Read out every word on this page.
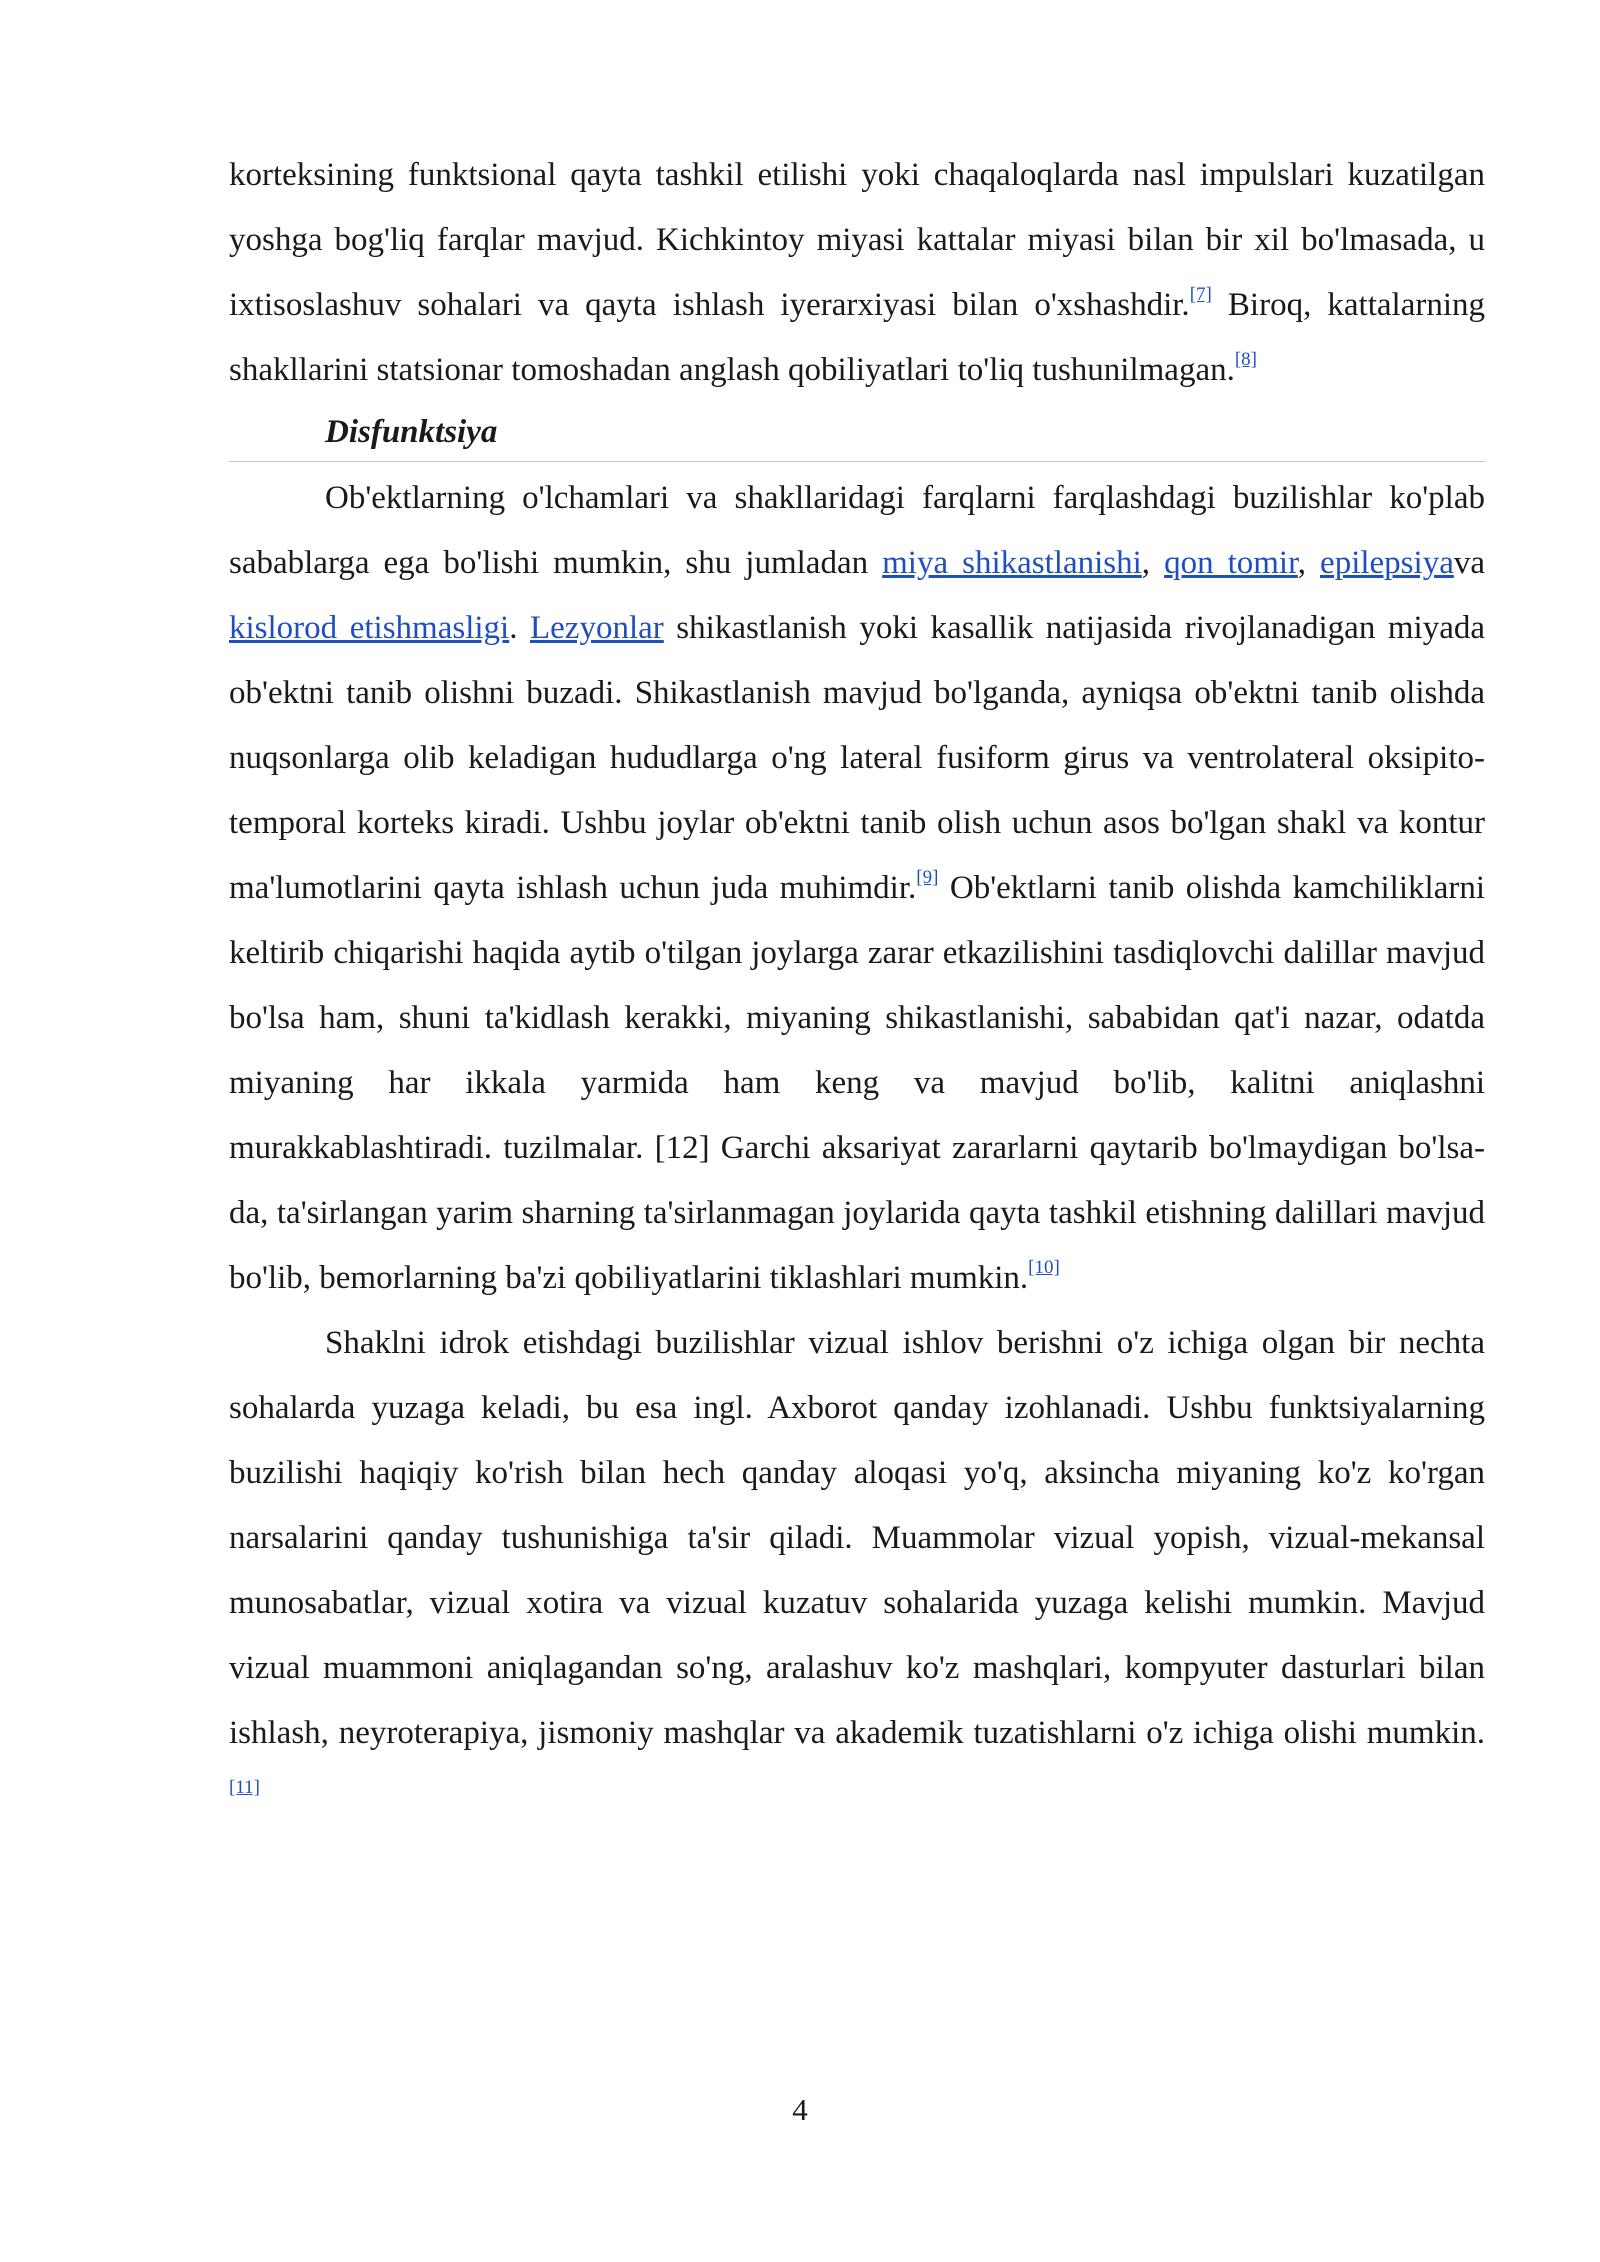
korteksining funktsional qayta tashkil etilishi yoki chaqaloqlarda nasl impulslari kuzatilgan yoshga bog'liq farqlar mavjud. Kichkintoy miyasi kattalar miyasi bilan bir xil bo'lmasada, u ixtisoslashuv sohalari va qayta ishlash iyerarxiyasi bilan o'xshashdir.[7] Biroq, kattalarning shakllarini statsionar tomoshadan anglash qobiliyatlari to'liq tushunilmagan.[8]

Disfunktsiya

Ob'ektlarning o'lchamlari va shakllaridagi farqlarni farqlashdagi buzilishlar ko'plab sabablarga ega bo'lishi mumkin, shu jumladan miya shikastlanishi, qon tomir, epilepsiyava kislorod etishmasligi. Lezyonlar shikastlanish yoki kasallik natijasida rivojlanadigan miyada ob'ektni tanib olishni buzadi. Shikastlanish mavjud bo'lganda, ayniqsa ob'ektni tanib olishda nuqsonlarga olib keladigan hududlarga o'ng lateral fusiform girus va ventrolateral oksipito-temporal korteks kiradi. Ushbu joylar ob'ektni tanib olish uchun asos bo'lgan shakl va kontur ma'lumotlarini qayta ishlash uchun juda muhimdir.[9] Ob'ektlarni tanib olishda kamchiliklarni keltirib chiqarishi haqida aytib o'tilgan joylarga zarar etkazilishini tasdiqlovchi dalillar mavjud bo'lsa ham, shuni ta'kidlash kerakki, miyaning shikastlanishi, sababidan qat'i nazar, odatda miyaning har ikkala yarmida ham keng va mavjud bo'lib, kalitni aniqlashni murakkablashtiradi. tuzilmalar. [12] Garchi aksariyat zararlarni qaytarib bo'lmaydigan bo'lsa-da, ta'sirlangan yarim sharning ta'sirlanmagan joylarida qayta tashkil etishning dalillari mavjud bo'lib, bemorlarning ba'zi qobiliyatlarini tiklashlari mumkin.[10]

Shaklni idrok etishdagi buzilishlar vizual ishlov berishni o'z ichiga olgan bir nechta sohalarda yuzaga keladi, bu esa ingl. Axborot qanday izohlanadi. Ushbu funktsiyalarning buzilishi haqiqiy ko'rish bilan hech qanday aloqasi yo'q, aksincha miyaning ko'z ko'rgan narsalarini qanday tushunishiga ta'sir qiladi. Muammolar vizual yopish, vizual-mekansal munosabatlar, vizual xotira va vizual kuzatuv sohalarida yuzaga kelishi mumkin. Mavjud vizual muammoni aniqlagandan so'ng, aralashuv ko'z mashqlari, kompyuter dasturlari bilan ishlash, neyroterapiya, jismoniy mashqlar va akademik tuzatishlarni o'z ichiga olishi mumkin.[11]

4
